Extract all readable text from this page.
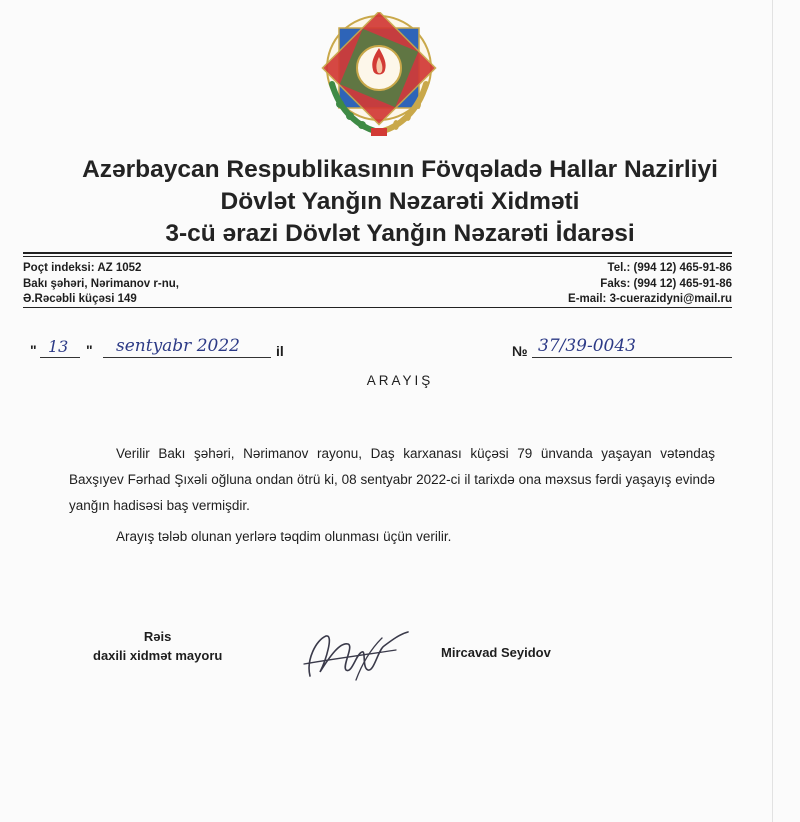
Azərbaycan Respublikasının Fövqəladə Hallar Nazirliyi
Dövlət Yanğın Nəzarəti Xidməti
3-cü ərazi Dövlət Yanğın Nəzarəti İdarəsi
Poçt indeksi: AZ 1052
Bakı şəhəri, Nərimanov r-nu,
Ə.Rəcəbli küçəsi 149
Tel.: (994 12) 465-91-86
Faks: (994 12) 465-91-86
E-mail: 3-cuerazidyni@mail.ru
" 13 " sentyabr 2022	il	№ 37/39-0043
ARAYIŞ

Verilir Bakı şəhəri, Nərimanov rayonu, Daş karxanası küçəsi 79 ünvanda yaşayan vətəndaş Baxşıyev Fərhad Şıxəli oğluna ondan ötrü ki, 08 sentyabr 2022-ci il tarixdə ona məxsus fərdi yaşayış evində yanğın hadisəsi baş vermişdir.

Arayış tələb olunan yerlərə təqdim olunması üçün verilir.

Rəis
daxili xidmət mayoru	Mircavad Seyidov
